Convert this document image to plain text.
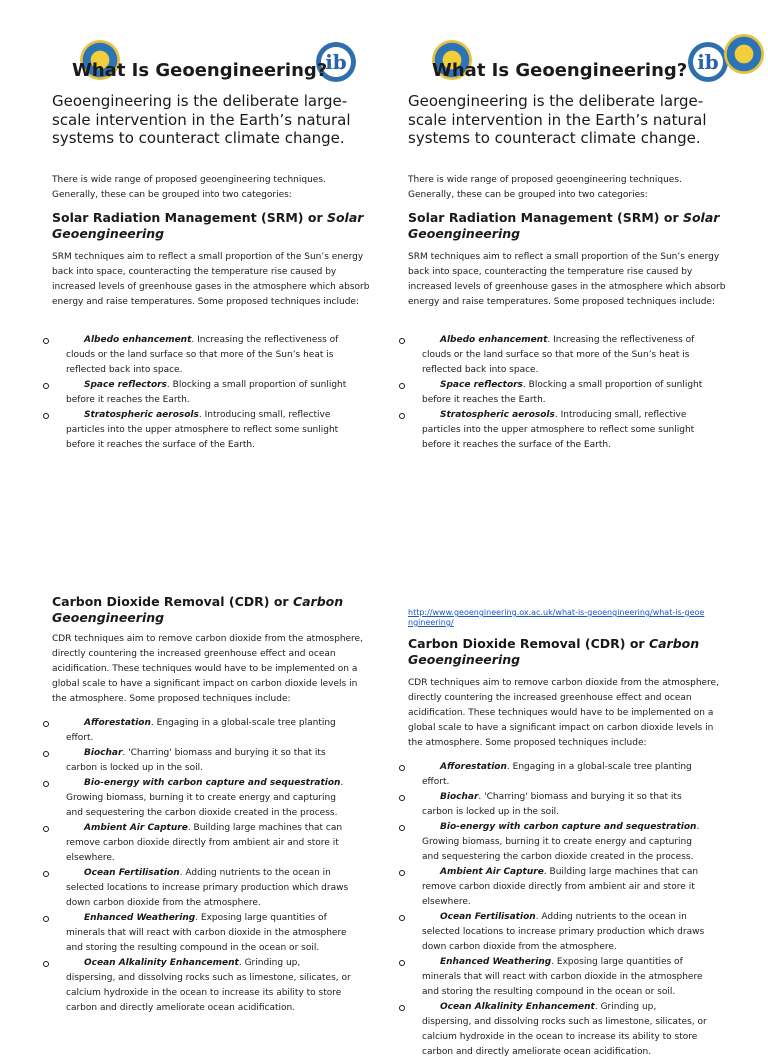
ib
What Is Geoengineering?

Geoengineering is the deliberate large-scale intervention in the Earth’s natural systems to counteract climate change.

There is wide range of proposed geoengineering techniques. Generally, these can be grouped into two categories:

Solar Radiation Management (SRM) or Solar Geoengineering

SRM techniques aim to reflect a small proportion of the Sun’s energy back into space, counteracting the temperature rise caused by increased levels of greenhouse gases in the atmosphere which absorb energy and raise temperatures. Some proposed techniques include:

Albedo enhancement. Increasing the reflectiveness of clouds or the land surface so that more of the Sun’s heat is reflected back into space.
Space reflectors. Blocking a small proportion of sunlight before it reaches the Earth.
Stratospheric aerosols. Introducing small, reflective particles into the upper atmosphere to reflect some sunlight before it reaches the surface of the Earth.

Carbon Dioxide Removal (CDR) or Carbon Geoengineering

CDR techniques aim to remove carbon dioxide from the atmosphere, directly countering the increased greenhouse effect and ocean acidification. These techniques would have to be implemented on a global scale to have a significant impact on carbon dioxide levels in the atmosphere. Some proposed techniques include:

Afforestation. Engaging in a global-scale tree planting effort.
Biochar. 'Charring' biomass and burying it so that its carbon is locked up in the soil.
Bio-energy with carbon capture and sequestration. Growing biomass, burning it to create energy and capturing and sequestering the carbon dioxide created in the process.
Ambient Air Capture. Building large machines that can remove carbon dioxide directly from ambient air and store it elsewhere.
Ocean Fertilisation. Adding nutrients to the ocean in selected locations to increase primary production which draws down carbon dioxide from the atmosphere.
Enhanced Weathering. Exposing large quantities of minerals that will react with carbon dioxide in the atmosphere and storing the resulting compound in the ocean or soil.
Ocean Alkalinity Enhancement. Grinding up, dispersing, and dissolving rocks such as limestone, silicates, or calcium hydroxide in the ocean to increase its ability to store carbon and directly ameliorate ocean acidification.
ib
What Is Geoengineering?

Geoengineering is the deliberate large-scale intervention in the Earth’s natural systems to counteract climate change.

There is wide range of proposed geoengineering techniques. Generally, these can be grouped into two categories:

Solar Radiation Management (SRM) or Solar Geoengineering

SRM techniques aim to reflect a small proportion of the Sun’s energy back into space, counteracting the temperature rise caused by increased levels of greenhouse gases in the atmosphere which absorb energy and raise temperatures. Some proposed techniques include:

Albedo enhancement. Increasing the reflectiveness of clouds or the land surface so that more of the Sun’s heat is reflected back into space.
Space reflectors. Blocking a small proportion of sunlight before it reaches the Earth.
Stratospheric aerosols. Introducing small, reflective particles into the upper atmosphere to reflect some sunlight before it reaches the surface of the Earth.

http://www.geoengineering.ox.ac.uk/what-is-geoengineering/what-is-geoengineering/

Carbon Dioxide Removal (CDR) or Carbon Geoengineering

CDR techniques aim to remove carbon dioxide from the atmosphere, directly countering the increased greenhouse effect and ocean acidification. These techniques would have to be implemented on a global scale to have a significant impact on carbon dioxide levels in the atmosphere. Some proposed techniques include:

Afforestation. Engaging in a global-scale tree planting effort.
Biochar. 'Charring' biomass and burying it so that its carbon is locked up in the soil.
Bio-energy with carbon capture and sequestration. Growing biomass, burning it to create energy and capturing and sequestering the carbon dioxide created in the process.
Ambient Air Capture. Building large machines that can remove carbon dioxide directly from ambient air and store it elsewhere.
Ocean Fertilisation. Adding nutrients to the ocean in selected locations to increase primary production which draws down carbon dioxide from the atmosphere.
Enhanced Weathering. Exposing large quantities of minerals that will react with carbon dioxide in the atmosphere and storing the resulting compound in the ocean or soil.
Ocean Alkalinity Enhancement. Grinding up, dispersing, and dissolving rocks such as limestone, silicates, or calcium hydroxide in the ocean to increase its ability to store carbon and directly ameliorate ocean acidification.
